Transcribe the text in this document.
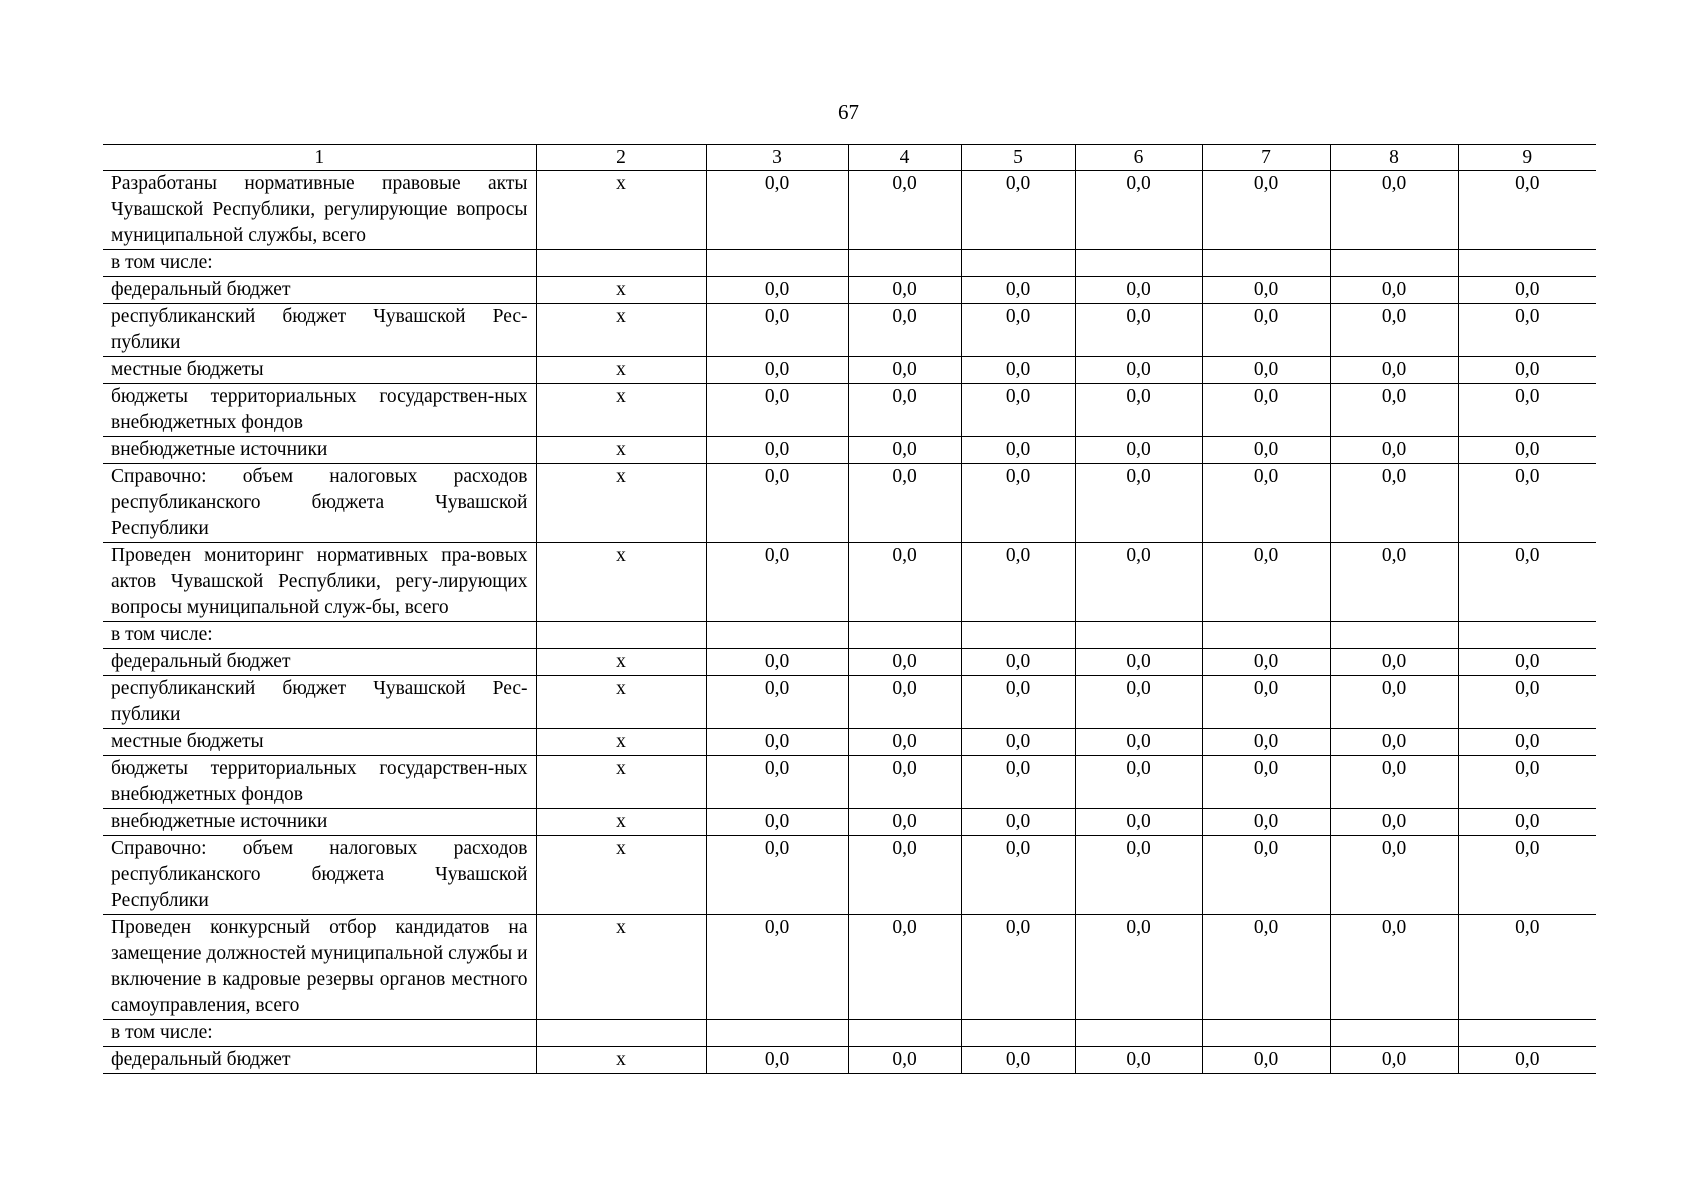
67
1	2	3	4	5	6	7	8	9
Разработаны нормативные правовые акты Чувашской Республики, регулирующие вопросы муниципальной службы, всего	x	0,0	0,0	0,0	0,0	0,0	0,0	0,0
в том числе:								
федеральный бюджет	x	0,0	0,0	0,0	0,0	0,0	0,0	0,0
республиканский бюджет Чувашской Рес-публики	x	0,0	0,0	0,0	0,0	0,0	0,0	0,0
местные бюджеты	x	0,0	0,0	0,0	0,0	0,0	0,0	0,0
бюджеты территориальных государствен-ных внебюджетных фондов	x	0,0	0,0	0,0	0,0	0,0	0,0	0,0
внебюджетные источники	x	0,0	0,0	0,0	0,0	0,0	0,0	0,0
Справочно: объем налоговых расходов республиканского бюджета Чувашской Республики	x	0,0	0,0	0,0	0,0	0,0	0,0	0,0
Проведен мониторинг нормативных пра-вовых актов Чувашской Республики, регу-лирующих вопросы муниципальной служ-бы, всего	x	0,0	0,0	0,0	0,0	0,0	0,0	0,0
в том числе:								
федеральный бюджет	x	0,0	0,0	0,0	0,0	0,0	0,0	0,0
республиканский бюджет Чувашской Рес-публики	x	0,0	0,0	0,0	0,0	0,0	0,0	0,0
местные бюджеты	x	0,0	0,0	0,0	0,0	0,0	0,0	0,0
бюджеты территориальных государствен-ных внебюджетных фондов	x	0,0	0,0	0,0	0,0	0,0	0,0	0,0
внебюджетные источники	x	0,0	0,0	0,0	0,0	0,0	0,0	0,0
Справочно: объем налоговых расходов республиканского бюджета Чувашской Республики	x	0,0	0,0	0,0	0,0	0,0	0,0	0,0
Проведен конкурсный отбор кандидатов на замещение должностей муниципальной службы и включение в кадровые резервы органов местного самоуправления, всего	x	0,0	0,0	0,0	0,0	0,0	0,0	0,0
в том числе:								
федеральный бюджет	x	0,0	0,0	0,0	0,0	0,0	0,0	0,0
